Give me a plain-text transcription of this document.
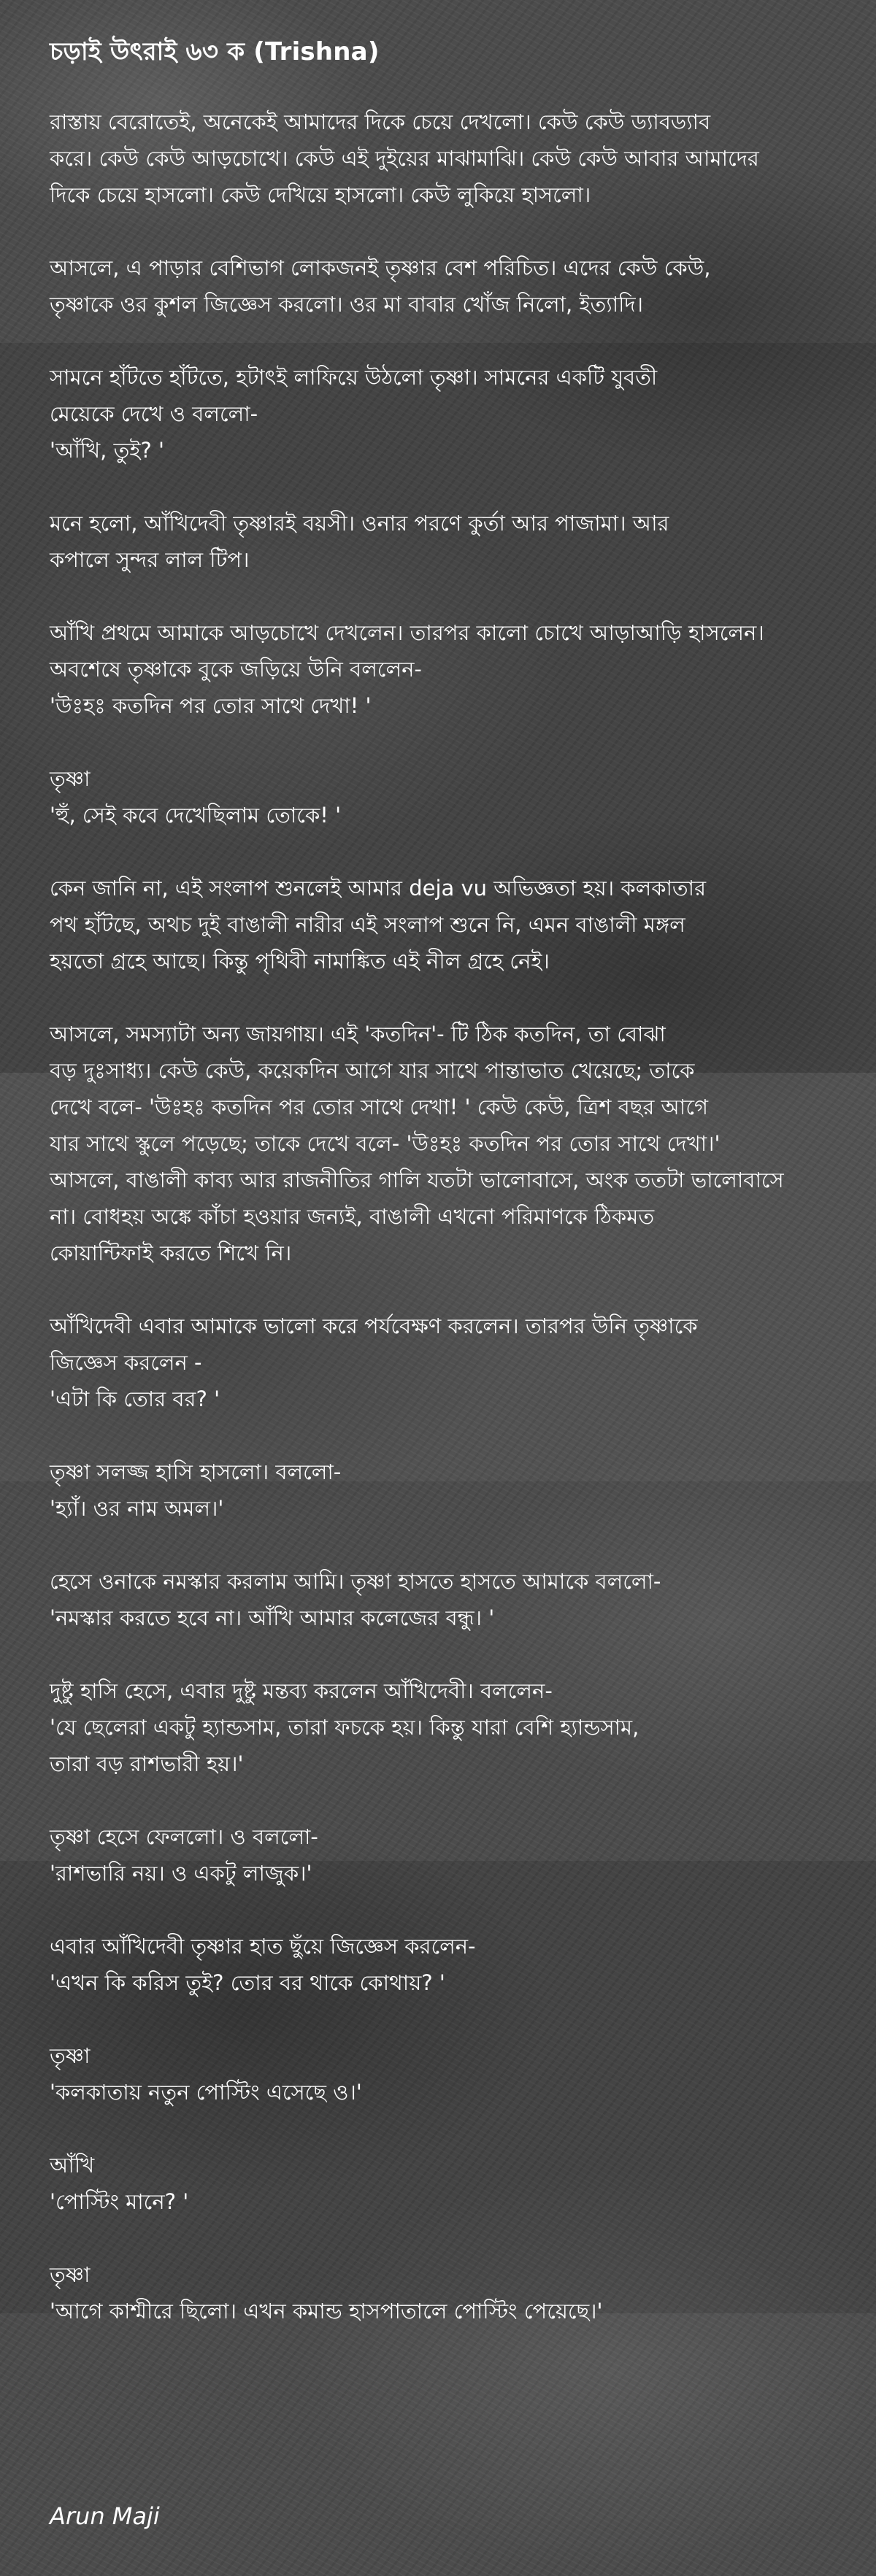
চড়াই উৎরাই ৬৩ ক (Trishna)

রাস্তায় বেরোতেই, অনেকেই আমাদের দিকে চেয়ে দেখলো। কেউ কেউ ড্যাবড্যাব
করে। কেউ কেউ আড়চোখে। কেউ এই দুইয়ের মাঝামাঝি। কেউ কেউ আবার আমাদের
দিকে চেয়ে হাসলো। কেউ দেখিয়ে হাসলো। কেউ লুকিয়ে হাসলো।

আসলে, এ পাড়ার বেশিভাগ লোকজনই তৃষ্ণার বেশ পরিচিত। এদের কেউ কেউ,
তৃষ্ণাকে ওর কুশল জিজ্ঞেস করলো। ওর মা বাবার খোঁজ নিলো, ইত্যাদি।

সামনে হাঁটতে হাঁটতে, হটাৎই লাফিয়ে উঠলো তৃষ্ণা। সামনের একটি যুবতী
মেয়েকে দেখে ও বললো-
'আঁখি, তুই? '

মনে হলো, আঁখিদেবী তৃষ্ণারই বয়সী। ওনার পরণে কুর্তা আর পাজামা। আর
কপালে সুন্দর লাল টিপ।

আঁখি প্রথমে আমাকে আড়চোখে দেখলেন। তারপর কালো চোখে আড়াআড়ি হাসলেন।
অবশেষে তৃষ্ণাকে বুকে জড়িয়ে উনি বললেন-
'উঃহঃ কতদিন পর তোর সাথে দেখা! '

তৃষ্ণা
'হুঁ, সেই কবে দেখেছিলাম তোকে! '

কেন জানি না, এই সংলাপ শুনলেই আমার deja vu অভিজ্ঞতা হয়। কলকাতার
পথ হাঁটছে, অথচ দুই বাঙালী নারীর এই সংলাপ শুনে নি, এমন বাঙালী মঙ্গল
হয়তো গ্রহে আছে। কিন্তু পৃথিবী নামাঙ্কিত এই নীল গ্রহে নেই।

আসলে, সমস্যাটা অন্য জায়গায়। এই 'কতদিন'- টি ঠিক কতদিন, তা বোঝা
বড় দুঃসাধ্য। কেউ কেউ, কয়েকদিন আগে যার সাথে পান্তাভাত খেয়েছে; তাকে
দেখে বলে- 'উঃহঃ কতদিন পর তোর সাথে দেখা! ' কেউ কেউ, ত্রিশ বছর আগে
যার সাথে স্কুলে পড়েছে; তাকে দেখে বলে- 'উঃহঃ কতদিন পর তোর সাথে দেখা।'
আসলে, বাঙালী কাব্য আর রাজনীতির গালি যতটা ভালোবাসে, অংক ততটা ভালোবাসে
না। বোধহয় অঙ্কে কাঁচা হওয়ার জন্যই, বাঙালী এখনো পরিমাণকে ঠিকমত
কোয়ান্টিফাই করতে শিখে নি।

আঁখিদেবী এবার আমাকে ভালো করে পর্যবেক্ষণ করলেন। তারপর উনি তৃষ্ণাকে
জিজ্ঞেস করলেন -
'এটা কি তোর বর? '

তৃষ্ণা সলজ্জ হাসি হাসলো। বললো-
'হ্যাঁ। ওর নাম অমল।'

হেসে ওনাকে নমস্কার করলাম আমি। তৃষ্ণা হাসতে হাসতে আমাকে বললো-
'নমস্কার করতে হবে না। আঁখি আমার কলেজের বন্ধু। '

দুষ্টু হাসি হেসে, এবার দুষ্টু মন্তব্য করলেন আঁখিদেবী। বললেন-
'যে ছেলেরা একটু হ্যান্ডসাম, তারা ফচকে হয়। কিন্তু যারা বেশি হ্যান্ডসাম,
তারা বড় রাশভারী হয়।'

তৃষ্ণা হেসে ফেললো। ও বললো-
'রাশভারি নয়। ও একটু লাজুক।'

এবার আঁখিদেবী তৃষ্ণার হাত ছুঁয়ে জিজ্ঞেস করলেন-
'এখন কি করিস তুই? তোর বর থাকে কোথায়? '

তৃষ্ণা
'কলকাতায় নতুন পোস্টিং এসেছে ও।'

আঁখি
'পোস্টিং মানে? '

তৃষ্ণা
'আগে কাশ্মীরে ছিলো। এখন কমান্ড হাসপাতালে পোস্টিং পেয়েছে।'

Arun Maji
